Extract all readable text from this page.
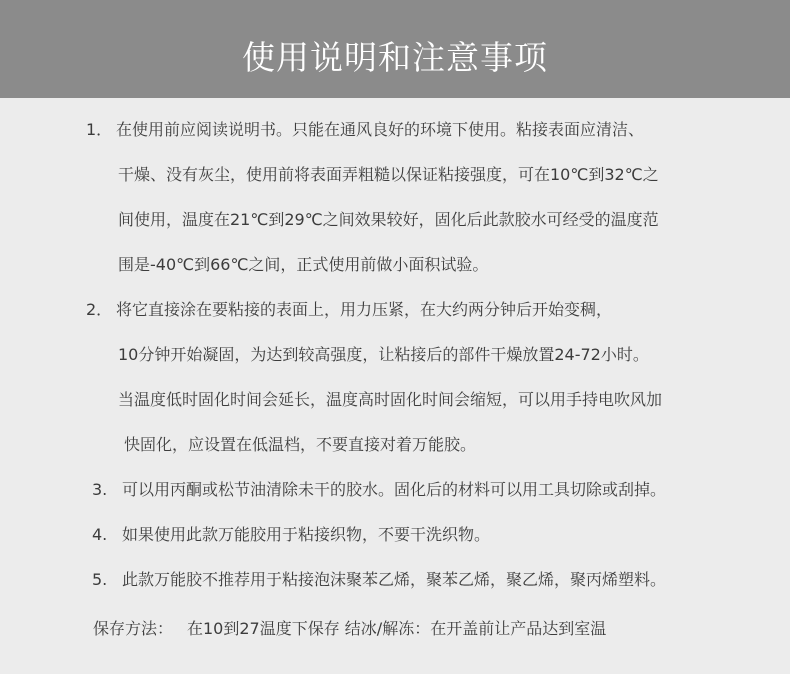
使用说明和注意事项
1． 在使用前应阅读说明书。只能在通风良好的环境下使用。粘接表面应清洁、
干燥、没有灰尘，使用前将表面弄粗糙以保证粘接强度，可在10℃到32℃之
间使用，温度在21℃到29℃之间效果较好，固化后此款胶水可经受的温度范
围是-40℃到66℃之间，正式使用前做小面积试验。
2． 将它直接涂在要粘接的表面上，用力压紧，在大约两分钟后开始变稠，
10分钟开始凝固，为达到较高强度，让粘接后的部件干燥放置24-72小时。
当温度低时固化时间会延长，温度高时固化时间会缩短，可以用手持电吹风加
快固化，应设置在低温档，不要直接对着万能胶。
3. 可以用丙酮或松节油清除未干的胶水。固化后的材料可以用工具切除或刮掉。
4. 如果使用此款万能胶用于粘接织物，不要干洗织物。
5. 此款万能胶不推荐用于粘接泡沫聚苯乙烯，聚苯乙烯，聚乙烯，聚丙烯塑料。
保存方法： 在10到27温度下保存 结冰/解冻：在开盖前让产品达到室温
